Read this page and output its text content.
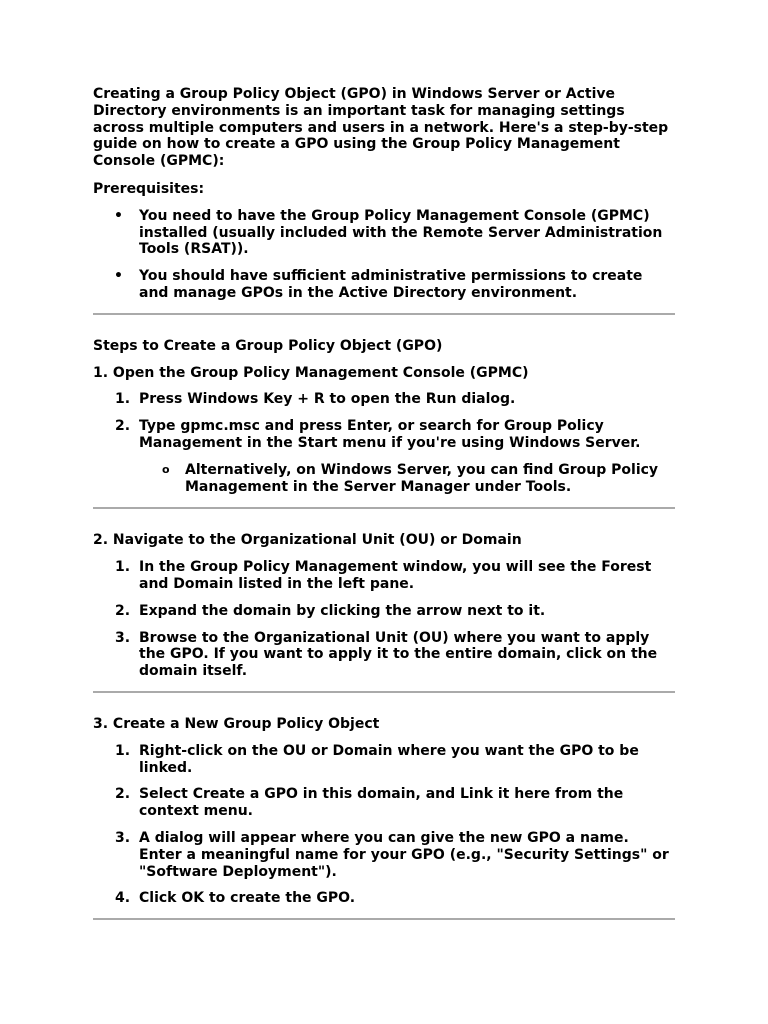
Creating a Group Policy Object (GPO) in Windows Server or Active Directory environments is an important task for managing settings across multiple computers and users in a network. Here's a step-by-step guide on how to create a GPO using the Group Policy Management Console (GPMC):

Prerequisites:

• You need to have the Group Policy Management Console (GPMC) installed (usually included with the Remote Server Administration Tools (RSAT)).
• You should have sufficient administrative permissions to create and manage GPOs in the Active Directory environment.

Steps to Create a Group Policy Object (GPO)

1. Open the Group Policy Management Console (GPMC)

1. Press Windows Key + R to open the Run dialog.
2. Type gpmc.msc and press Enter, or search for Group Policy Management in the Start menu if you're using Windows Server.
o Alternatively, on Windows Server, you can find Group Policy Management in the Server Manager under Tools.

2. Navigate to the Organizational Unit (OU) or Domain

1. In the Group Policy Management window, you will see the Forest and Domain listed in the left pane.
2. Expand the domain by clicking the arrow next to it.
3. Browse to the Organizational Unit (OU) where you want to apply the GPO. If you want to apply it to the entire domain, click on the domain itself.

3. Create a New Group Policy Object

1. Right-click on the OU or Domain where you want the GPO to be linked.
2. Select Create a GPO in this domain, and Link it here from the context menu.
3. A dialog will appear where you can give the new GPO a name. Enter a meaningful name for your GPO (e.g., "Security Settings" or "Software Deployment").
4. Click OK to create the GPO.
